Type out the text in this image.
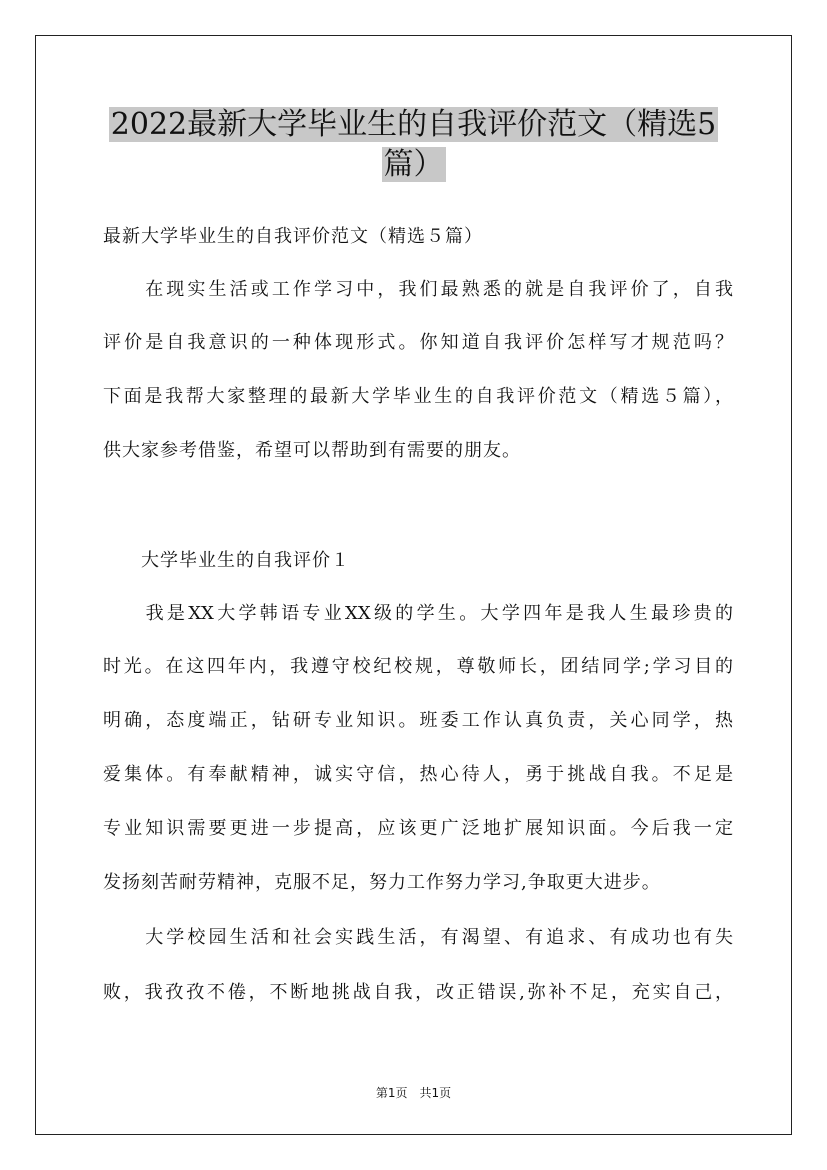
2022最新大学毕业生的自我评价范文（精选5
篇）
最新大学毕业生的自我评价范文（精选５篇）
　　在现实生活或工作学习中，我们最熟悉的就是自我评价了，自我
评价是自我意识的一种体现形式。你知道自我评价怎样写才规范吗？
下面是我帮大家整理的最新大学毕业生的自我评价范文（精选５篇），
供大家参考借鉴，希望可以帮助到有需要的朋友。
　　大学毕业生的自我评价１
　　我是XX大学韩语专业XX级的学生。大学四年是我人生最珍贵的
时光。在这四年内，我遵守校纪校规，尊敬师长，团结同学;学习目的
明确，态度端正，钻研专业知识。班委工作认真负责，关心同学，热
爱集体。有奉献精神，诚实守信，热心待人，勇于挑战自我。不足是
专业知识需要更进一步提高，应该更广泛地扩展知识面。今后我一定
发扬刻苦耐劳精神，克服不足，努力工作努力学习,争取更大进步。
　　大学校园生活和社会实践生活，有渴望、有追求、有成功也有失
败，我孜孜不倦，不断地挑战自我，改正错误,弥补不足，充实自己，
第1页　共1页
